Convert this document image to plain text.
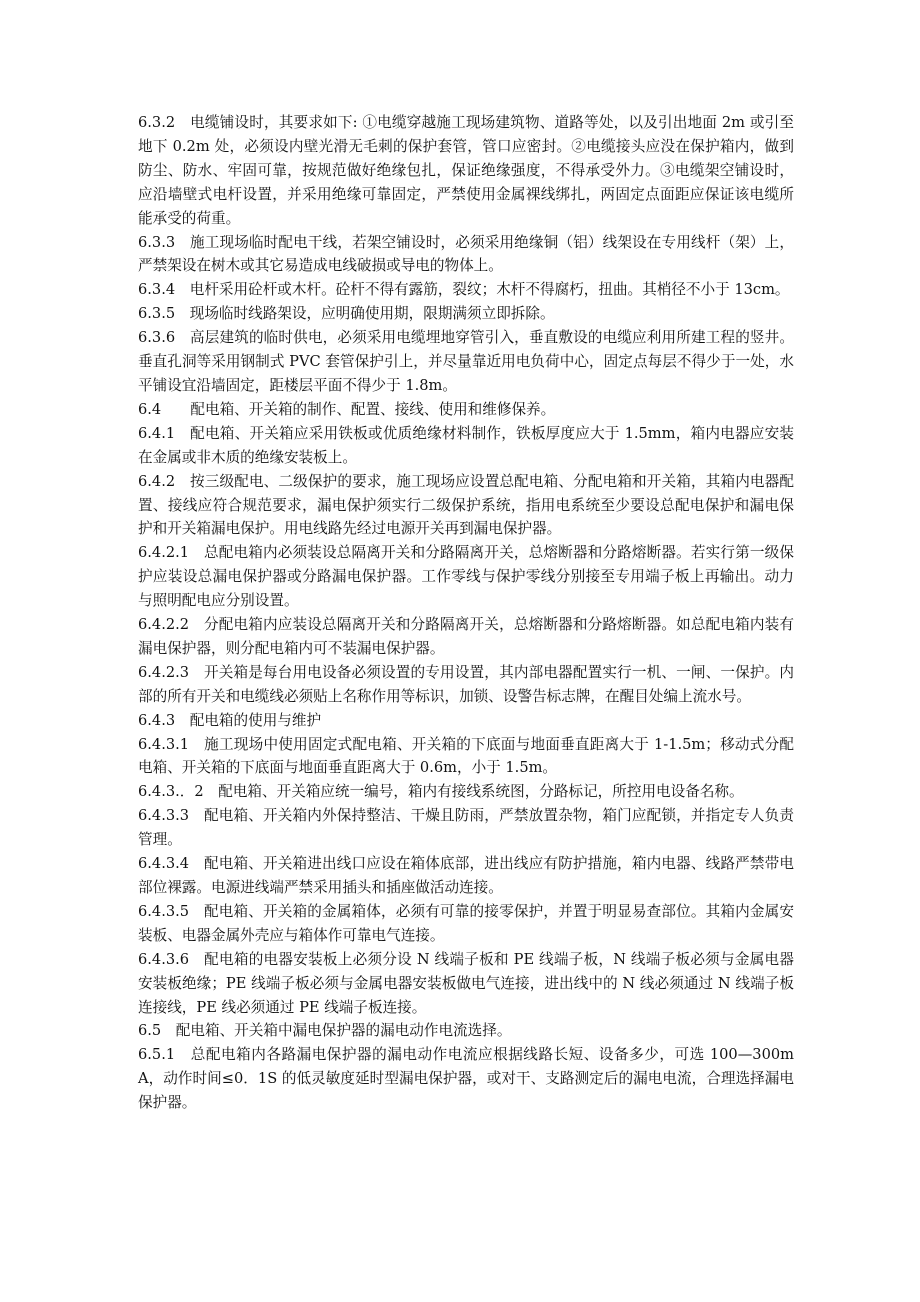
6.3.2　电缆铺设时，其要求如下: ①电缆穿越施工现场建筑物、道路等处，以及引出地面 2m 或引至地下 0.2m 处，必须设内壁光滑无毛刺的保护套管，管口应密封。②电缆接头应没在保护箱内，做到防尘、防水、牢固可靠，按规范做好绝缘包扎，保证绝缘强度，不得承受外力。③电缆架空铺设时，应沿墙壁式电杆设置，并采用绝缘可靠固定，严禁使用金属裸线绑扎，两固定点面距应保证该电缆所能承受的荷重。

6.3.3　施工现场临时配电干线，若架空铺设时，必须采用绝缘铜（铝）线架设在专用线杆（架）上，严禁架设在树木或其它易造成电线破损或导电的物体上。

6.3.4　电杆采用砼杆或木杆。砼杆不得有露筋，裂纹；木杆不得腐朽，扭曲。其梢径不小于 13cm。

6.3.5　现场临时线路架设，应明确使用期，限期满须立即拆除。

6.3.6　高层建筑的临时供电，必须采用电缆埋地穿管引入，垂直敷设的电缆应利用所建工程的竖井。垂直孔洞等采用钢制式 PVC 套管保护引上，并尽量靠近用电负荷中心，固定点每层不得少于一处，水平铺设宜沿墙固定，距楼层平面不得少于 1.8m。

6.4　　配电箱、开关箱的制作、配置、接线、使用和维修保养。

6.4.1　配电箱、开关箱应采用铁板或优质绝缘材料制作，铁板厚度应大于 1.5mm，箱内电器应安装在金属或非木质的绝缘安装板上。

6.4.2　按三级配电、二级保护的要求，施工现场应设置总配电箱、分配电箱和开关箱，其箱内电器配置、接线应符合规范要求，漏电保护须实行二级保护系统，指用电系统至少要设总配电保护和漏电保护和开关箱漏电保护。用电线路先经过电源开关再到漏电保护器。

6.4.2.1　总配电箱内必须装设总隔离开关和分路隔离开关，总熔断器和分路熔断器。若实行第一级保护应装设总漏电保护器或分路漏电保护器。工作零线与保护零线分别接至专用端子板上再输出。动力与照明配电应分别设置。

6.4.2.2　分配电箱内应装设总隔离开关和分路隔离开关，总熔断器和分路熔断器。如总配电箱内装有漏电保护器，则分配电箱内可不装漏电保护器。

6.4.2.3　开关箱是每台用电设备必须设置的专用设置，其内部电器配置实行一机、一闸、一保护。内部的所有开关和电缆线必须贴上名称作用等标识，加锁、设警告标志牌，在醒目处编上流水号。

6.4.3　配电箱的使用与维护

6.4.3.1　施工现场中使用固定式配电箱、开关箱的下底面与地面垂直距离大于 1-1.5m；移动式分配电箱、开关箱的下底面与地面垂直距离大于 0.6m，小于 1.5m。

6.4.3.．2　配电箱、开关箱应统一编号，箱内有接线系统图，分路标记，所控用电设备名称。

6.4.3.3　配电箱、开关箱内外保持整洁、干燥且防雨，严禁放置杂物，箱门应配锁，并指定专人负责管理。

6.4.3.4　配电箱、开关箱进出线口应设在箱体底部，进出线应有防护措施，箱内电器、线路严禁带电部位裸露。电源进线端严禁采用插头和插座做活动连接。

6.4.3.5　配电箱、开关箱的金属箱体，必须有可靠的接零保护，并置于明显易查部位。其箱内金属安装板、电器金属外壳应与箱体作可靠电气连接。

6.4.3.6　配电箱的电器安装板上必须分设 N 线端子板和 PE 线端子板，N 线端子板必须与金属电器安装板绝缘；PE 线端子板必须与金属电器安装板做电气连接，进出线中的 N 线必须通过 N 线端子板连接线，PE 线必须通过 PE 线端子板连接。

6.5　配电箱、开关箱中漏电保护器的漏电动作电流选择。

6.5.1　总配电箱内各路漏电保护器的漏电动作电流应根据线路长短、设备多少，可选 100—300mA，动作时间≤0．1S 的低灵敏度延时型漏电保护器，或对干、支路测定后的漏电电流，合理选择漏电保护器。
